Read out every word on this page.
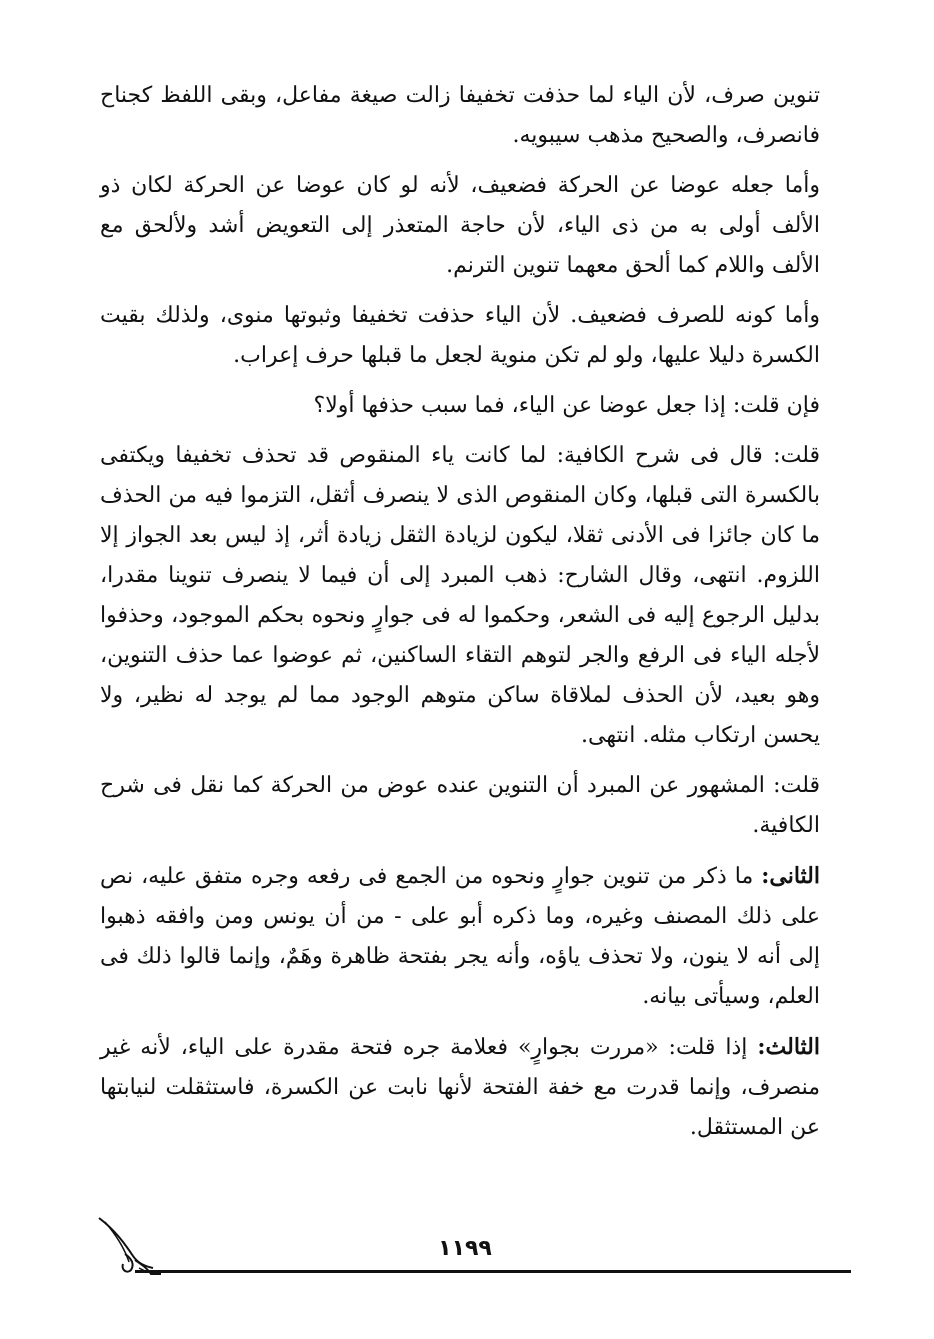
تنوين صرف، لأن الياء لما حذفت تخفيفا زالت صيغة مفاعل، وبقى اللفظ كجناح فانصرف، والصحيح مذهب سيبويه.

وأما جعله عوضا عن الحركة فضعيف، لأنه لو كان عوضا عن الحركة لكان ذو الألف أولى به من ذى الياء، لأن حاجة المتعذر إلى التعويض أشد ولألحق مع الألف واللام كما ألحق معهما تنوين الترنم.

وأما كونه للصرف فضعيف. لأن الياء حذفت تخفيفا وثبوتها منوى، ولذلك بقيت الكسرة دليلا عليها، ولو لم تكن منوية لجعل ما قبلها حرف إعراب.

فإن قلت: إذا جعل عوضا عن الياء، فما سبب حذفها أولا؟

قلت: قال فى شرح الكافية: لما كانت ياء المنقوص قد تحذف تخفيفا ويكتفى بالكسرة التى قبلها، وكان المنقوص الذى لا ينصرف أثقل، التزموا فيه من الحذف ما كان جائزا فى الأدنى ثقلا، ليكون لزيادة الثقل زيادة أثر، إذ ليس بعد الجواز إلا اللزوم. انتهى، وقال الشارح: ذهب المبرد إلى أن فيما لا ينصرف تنوينا مقدرا، بدليل الرجوع إليه فى الشعر، وحكموا له فى جوارٍ ونحوه بحكم الموجود، وحذفوا لأجله الياء فى الرفع والجر لتوهم التقاء الساكنين، ثم عوضوا عما حذف التنوين، وهو بعيد، لأن الحذف لملاقاة ساكن متوهم الوجود مما لم يوجد له نظير، ولا يحسن ارتكاب مثله. انتهى.

قلت: المشهور عن المبرد أن التنوين عنده عوض من الحركة كما نقل فى شرح الكافية.

الثانى: ما ذكر من تنوين جوارٍ ونحوه من الجمع فى رفعه وجره متفق عليه، نص على ذلك المصنف وغيره، وما ذكره أبو على - من أن يونس ومن وافقه ذهبوا إلى أنه لا ينون، ولا تحذف ياؤه، وأنه يجر بفتحة ظاهرة وهَمٌ، وإنما قالوا ذلك فى العلم، وسيأتى بيانه.

الثالث: إذا قلت: «مررت بجوارٍ» فعلامة جره فتحة مقدرة على الياء، لأنه غير منصرف، وإنما قدرت مع خفة الفتحة لأنها نابت عن الكسرة، فاستثقلت لنيابتها عن المستثقل.

١١٩٩
